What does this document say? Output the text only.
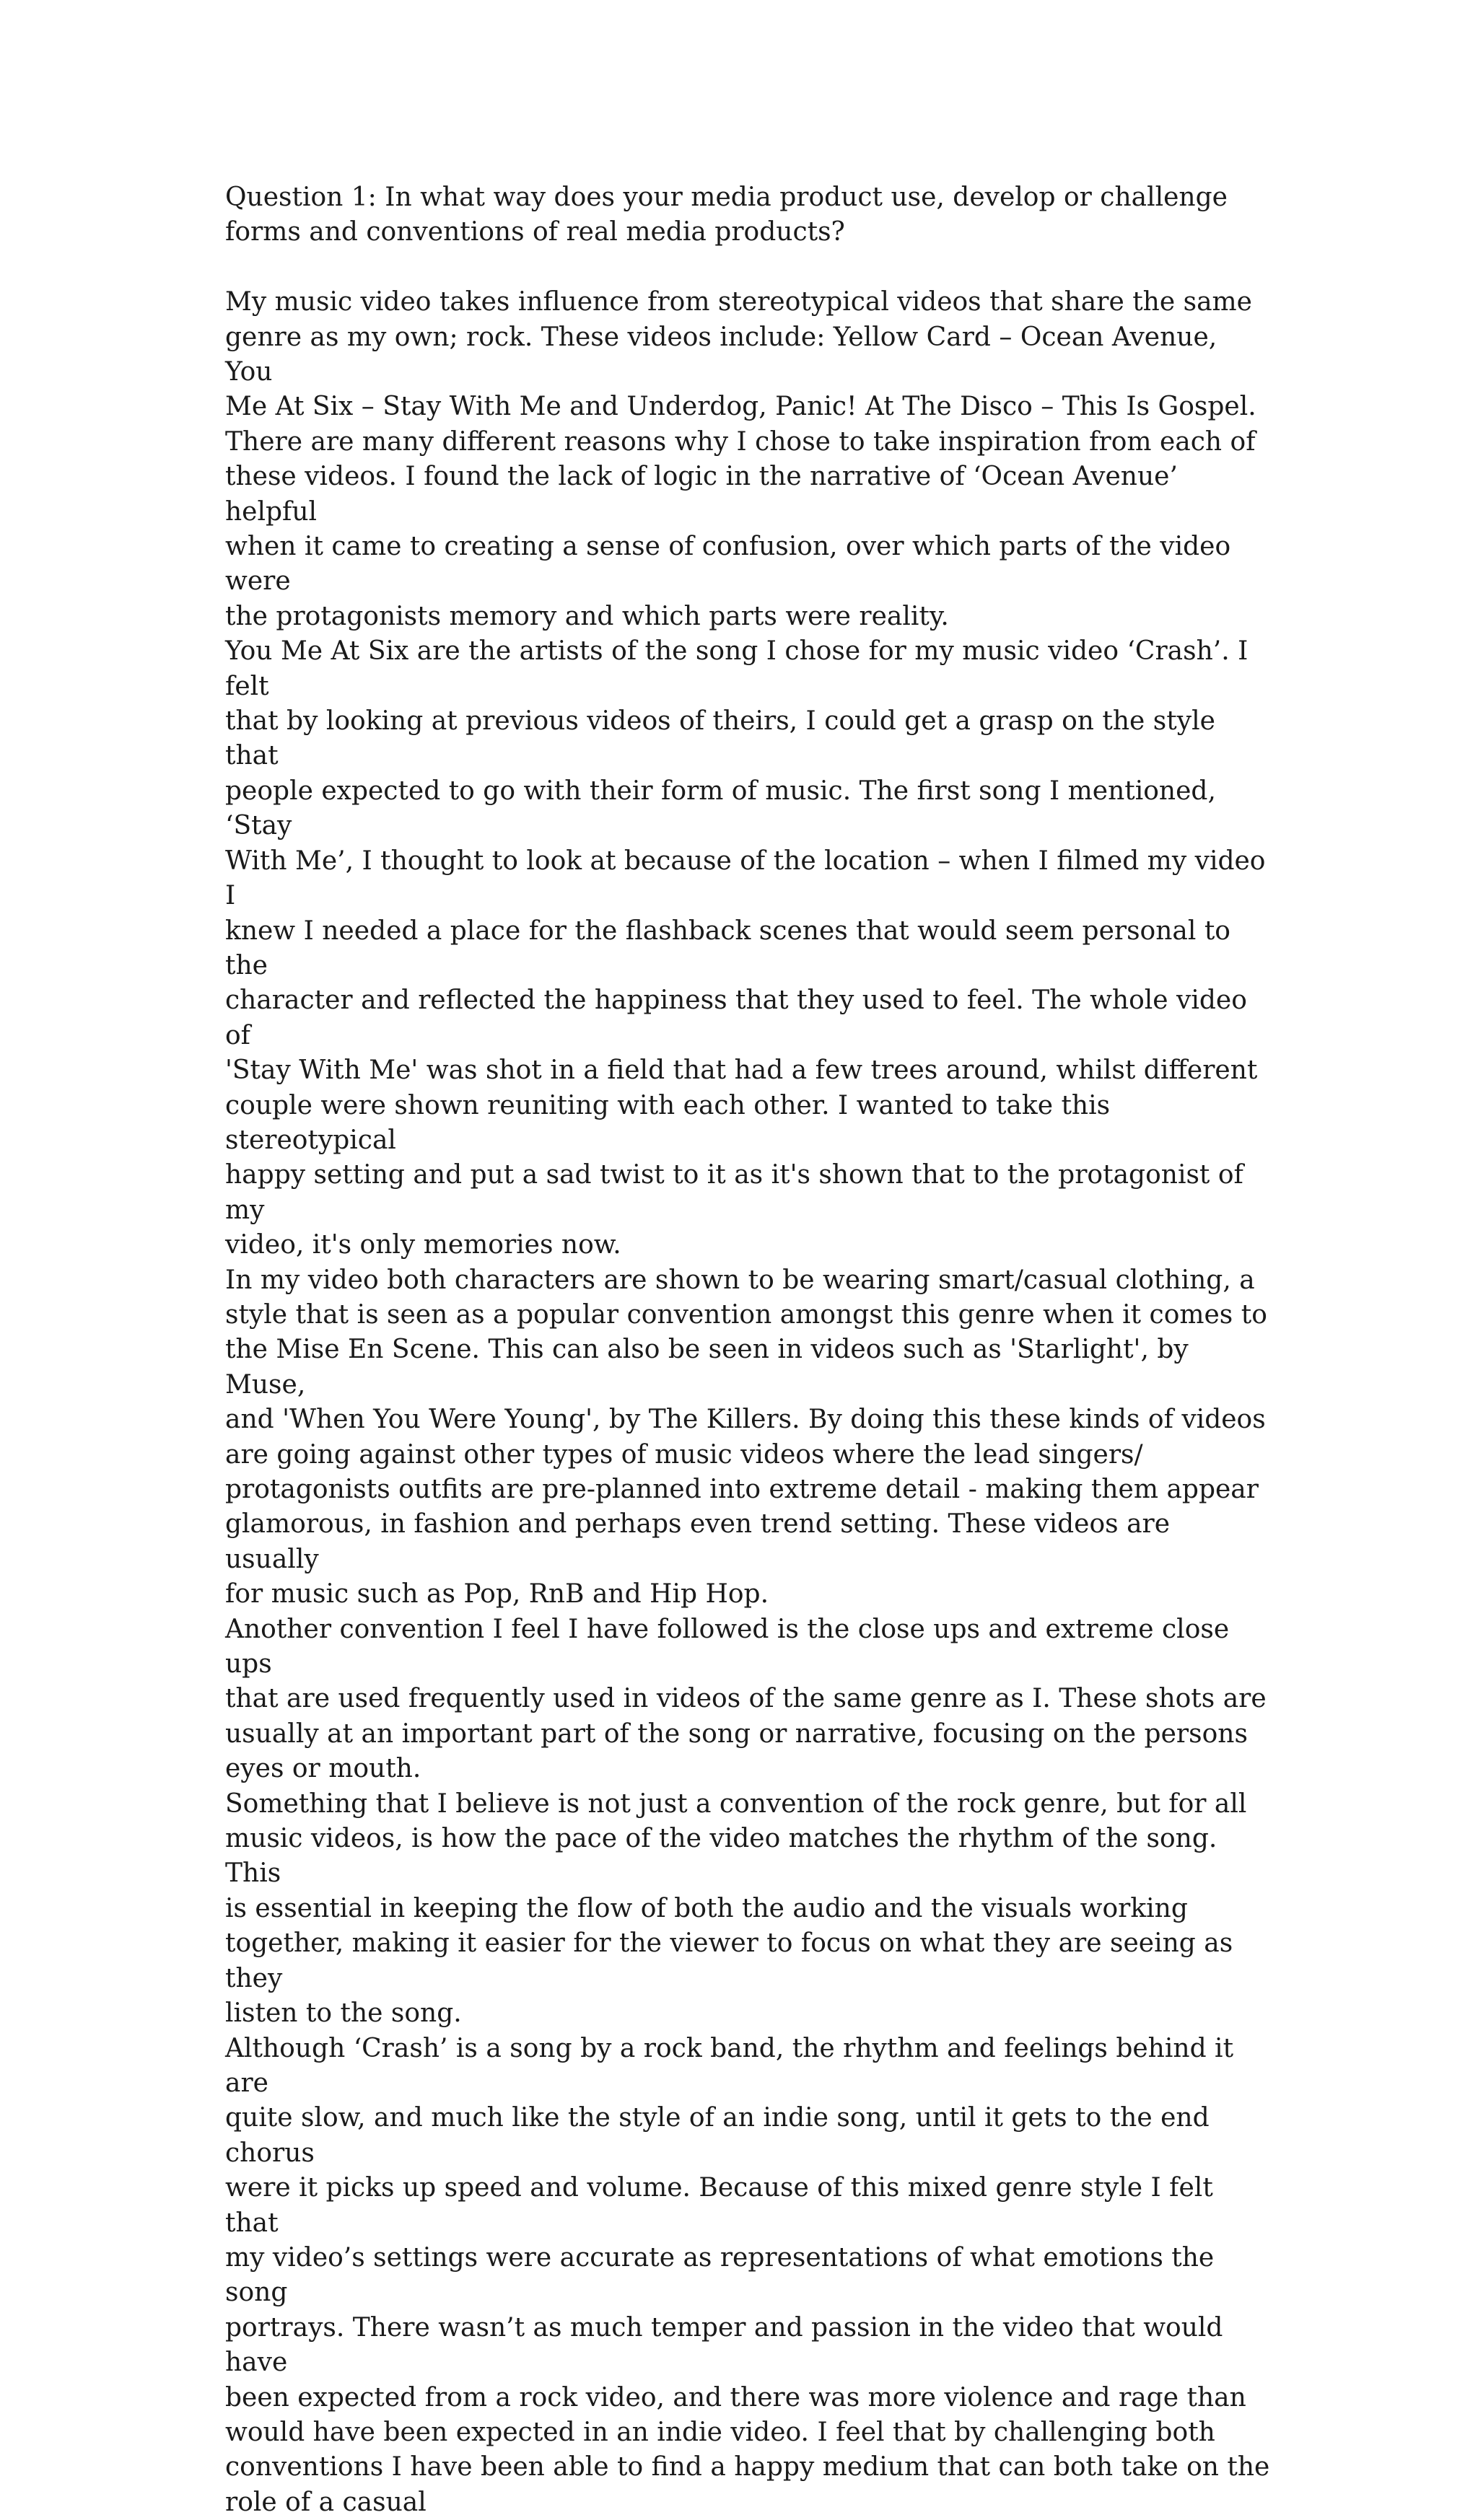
Question 1: In what way does your media product use, develop or challenge
forms and conventions of real media products?
My music video takes influence from stereotypical videos that share the same
genre as my own; rock. These videos include: Yellow Card – Ocean Avenue, You
Me At Six – Stay With Me and Underdog, Panic! At The Disco – This Is Gospel.
There are many different reasons why I chose to take inspiration from each of
these videos. I found the lack of logic in the narrative of ‘Ocean Avenue’ helpful
when it came to creating a sense of confusion, over which parts of the video were
the protagonists memory and which parts were reality.
You Me At Six are the artists of the song I chose for my music video ‘Crash’. I felt
that by looking at previous videos of theirs, I could get a grasp on the style that
people expected to go with their form of music. The first song I mentioned, ‘Stay
With Me’, I thought to look at because of the location – when I filmed my video I
knew I needed a place for the flashback scenes that would seem personal to the
character and reflected the happiness that they used to feel. The whole video of
'Stay With Me' was shot in a field that had a few trees around, whilst different
couple were shown reuniting with each other. I wanted to take this stereotypical
happy setting and put a sad twist to it as it's shown that to the protagonist of my
video, it's only memories now.
In my video both characters are shown to be wearing smart/casual clothing, a
style that is seen as a popular convention amongst this genre when it comes to
the Mise En Scene. This can also be seen in videos such as 'Starlight', by Muse,
and 'When You Were Young', by The Killers. By doing this these kinds of videos
are going against other types of music videos where the lead singers/
protagonists outfits are pre-planned into extreme detail - making them appear
glamorous, in fashion and perhaps even trend setting. These videos are usually
for music such as Pop, RnB and Hip Hop.
Another convention I feel I have followed is the close ups and extreme close ups
that are used frequently used in videos of the same genre as I. These shots are
usually at an important part of the song or narrative, focusing on the persons
eyes or mouth.
Something that I believe is not just a convention of the rock genre, but for all
music videos, is how the pace of the video matches the rhythm of the song. This
is essential in keeping the flow of both the audio and the visuals working
together, making it easier for the viewer to focus on what they are seeing as they
listen to the song.
Although ‘Crash’ is a song by a rock band, the rhythm and feelings behind it are
quite slow, and much like the style of an indie song, until it gets to the end chorus
were it picks up speed and volume. Because of this mixed genre style I felt that
my video’s settings were accurate as representations of what emotions the song
portrays. There wasn’t as much temper and passion in the video that would have
been expected from a rock video, and there was more violence and rage than
would have been expected in an indie video. I feel that by challenging both
conventions I have been able to find a happy medium that can both take on the
role of a casual
